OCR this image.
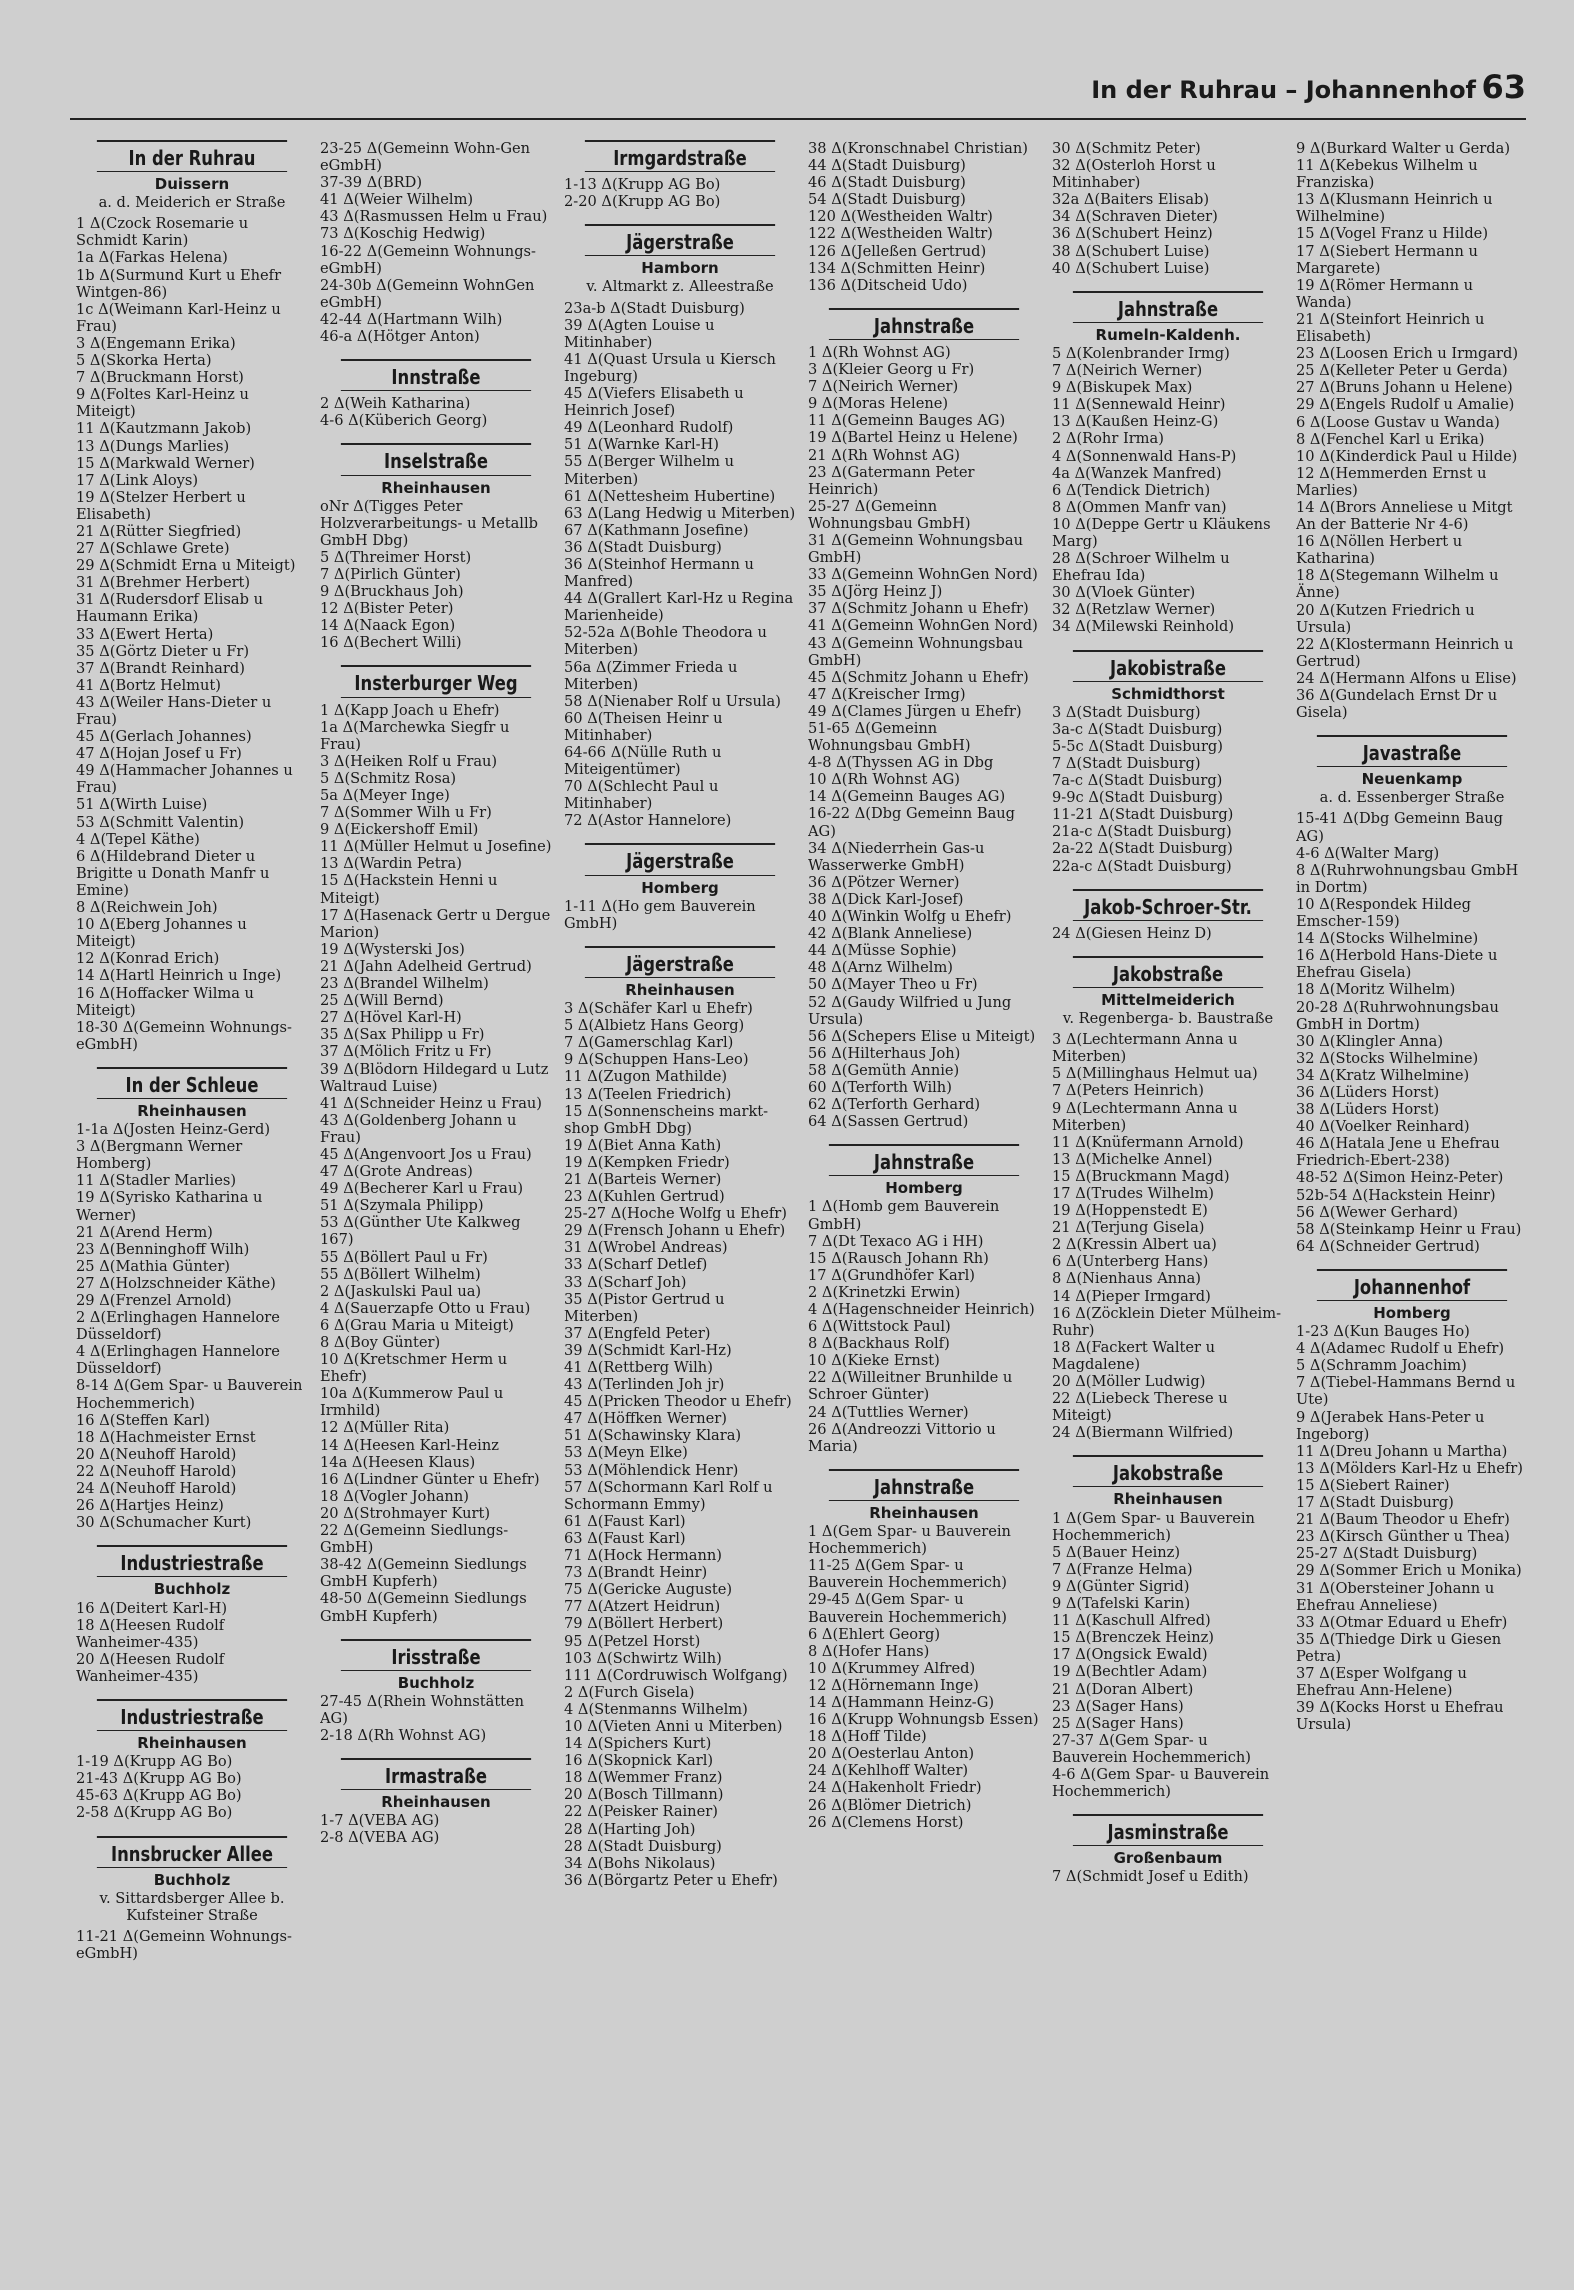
In der Ruhrau – Johannenhof 63
In der Ruhrau
Duissern
a. d. Meiderich er Straße
1 Δ(Czock Rosemarie u Schmidt Karin)
1a Δ(Farkas Helena)
1b Δ(Surmund Kurt u Ehefr Wintgen-86)
1c Δ(Weimann Karl-Heinz u Frau)
3 Δ(Engemann Erika)
5 Δ(Skorka Herta)
7 Δ(Bruckmann Horst)
9 Δ(Foltes Karl-Heinz u Miteigt)
11 Δ(Kautzmann Jakob)
13 Δ(Dungs Marlies)
15 Δ(Markwald Werner)
17 Δ(Link Aloys)
19 Δ(Stelzer Herbert u Elisabeth)
21 Δ(Rütter Siegfried)
27 Δ(Schlawe Grete)
29 Δ(Schmidt Erna u Miteigt)
31 Δ(Brehmer Herbert)
31 Δ(Rudersdorf Elisab u Haumann Erika)
33 Δ(Ewert Herta)
35 Δ(Görtz Dieter u Fr)
37 Δ(Brandt Reinhard)
41 Δ(Bortz Helmut)
43 Δ(Weiler Hans-Dieter u Frau)
45 Δ(Gerlach Johannes)
47 Δ(Hojan Josef u Fr)
49 Δ(Hammacher Johannes u Frau)
51 Δ(Wirth Luise)
53 Δ(Schmitt Valentin)
4 Δ(Tepel Käthe)
6 Δ(Hildebrand Dieter u Brigitte u Donath Manfr u Emine)
8 Δ(Reichwein Joh)
10 Δ(Eberg Johannes u Miteigt)
12 Δ(Konrad Erich)
14 Δ(Hartl Heinrich u Inge)
16 Δ(Hoffacker Wilma u Miteigt)
18-30 Δ(Gemeinn Wohnungs-eGmbH)
In der Schleue
Rheinhausen
1-1a Δ(Josten Heinz-Gerd)
3 Δ(Bergmann Werner Homberg)
11 Δ(Stadler Marlies)
19 Δ(Syrisko Katharina u Werner)
21 Δ(Arend Herm)
23 Δ(Benninghoff Wilh)
25 Δ(Mathia Günter)
27 Δ(Holzschneider Käthe)
29 Δ(Frenzel Arnold)
2 Δ(Erlinghagen Hannelore Düsseldorf)
4 Δ(Erlinghagen Hannelore Düsseldorf)
8-14 Δ(Gem Spar- u Bauverein Hochemmerich)
16 Δ(Steffen Karl)
18 Δ(Hachmeister Ernst
20 Δ(Neuhoff Harold)
22 Δ(Neuhoff Harold)
24 Δ(Neuhoff Harold)
26 Δ(Hartjes Heinz)
30 Δ(Schumacher Kurt)
Industriestraße
Buchholz
16 Δ(Deitert Karl-H)
18 Δ(Heesen Rudolf Wanheimer-435)
20 Δ(Heesen Rudolf Wanheimer-435)
Industriestraße
Rheinhausen
1-19 Δ(Krupp AG Bo)
21-43 Δ(Krupp AG Bo)
45-63 Δ(Krupp AG Bo)
2-58 Δ(Krupp AG Bo)
Innsbrucker Allee
Buchholz
v. Sittardsberger Allee b. Kufsteiner Straße
11-21 Δ(Gemeinn Wohnungs-eGmbH)
23-25 Δ(Gemeinn Wohn-Gen eGmbH)
37-39 Δ(BRD)
41 Δ(Weier Wilhelm)
43 Δ(Rasmussen Helm u Frau)
73 Δ(Koschig Hedwig)
16-22 Δ(Gemeinn Wohnungs-eGmbH)
24-30b Δ(Gemeinn WohnGen eGmbH)
42-44 Δ(Hartmann Wilh)
46-a Δ(Hötger Anton)
Innstraße
2 Δ(Weih Katharina)
4-6 Δ(Küberich Georg)
Inselstraße
Rheinhausen
oNr Δ(Tigges Peter Holzverarbeitungs- u Metallb GmbH Dbg)
5 Δ(Threimer Horst)
7 Δ(Pirlich Günter)
9 Δ(Bruckhaus Joh)
12 Δ(Bister Peter)
14 Δ(Naack Egon)
16 Δ(Bechert Willi)
Insterburger Weg
1 Δ(Kapp Joach u Ehefr)
1a Δ(Marchewka Siegfr u Frau)
3 Δ(Heiken Rolf u Frau)
5 Δ(Schmitz Rosa)
5a Δ(Meyer Inge)
7 Δ(Sommer Wilh u Fr)
9 Δ(Eickershoff Emil)
11 Δ(Müller Helmut u Josefine)
13 Δ(Wardin Petra)
15 Δ(Hackstein Henni u Miteigt)
17 Δ(Hasenack Gertr u Dergue Marion)
19 Δ(Wysterski Jos)
21 Δ(Jahn Adelheid Gertrud)
23 Δ(Brandel Wilhelm)
25 Δ(Will Bernd)
27 Δ(Hövel Karl-H)
35 Δ(Sax Philipp u Fr)
37 Δ(Mölich Fritz u Fr)
39 Δ(Blödorn Hildegard u Lutz Waltraud Luise)
41 Δ(Schneider Heinz u Frau)
43 Δ(Goldenberg Johann u Frau)
45 Δ(Angenvoort Jos u Frau)
47 Δ(Grote Andreas)
49 Δ(Becherer Karl u Frau)
51 Δ(Szymala Philipp)
53 Δ(Günther Ute Kalkweg 167)
55 Δ(Böllert Paul u Fr)
55 Δ(Böllert Wilhelm)
2 Δ(Jaskulski Paul ua)
4 Δ(Sauerzapfe Otto u Frau)
6 Δ(Grau Maria u Miteigt)
8 Δ(Boy Günter)
10 Δ(Kretschmer Herm u Ehefr)
10a Δ(Kummerow Paul u Irmhild)
12 Δ(Müller Rita)
14 Δ(Heesen Karl-Heinz
14a Δ(Heesen Klaus)
16 Δ(Lindner Günter u Ehefr)
18 Δ(Vogler Johann)
20 Δ(Strohmayer Kurt)
22 Δ(Gemeinn Siedlungs-GmbH)
38-42 Δ(Gemeinn Siedlungs GmbH Kupferh)
48-50 Δ(Gemeinn Siedlungs GmbH Kupferh)
Irisstraße
Buchholz
27-45 Δ(Rhein Wohnstätten AG)
2-18 Δ(Rh Wohnst AG)
Irmastraße
Rheinhausen
1-7 Δ(VEBA AG)
2-8 Δ(VEBA AG)
Irmgardstraße
1-13 Δ(Krupp AG Bo)
2-20 Δ(Krupp AG Bo)
Jägerstraße
Hamborn
v. Altmarkt z. Alleestraße
23a-b Δ(Stadt Duisburg)
39 Δ(Agten Louise u Mitinhaber)
41 Δ(Quast Ursula u Kiersch Ingeburg)
45 Δ(Viefers Elisabeth u Heinrich Josef)
49 Δ(Leonhard Rudolf)
51 Δ(Warnke Karl-H)
55 Δ(Berger Wilhelm u Miterben)
61 Δ(Nettesheim Hubertine)
63 Δ(Lang Hedwig u Miterben)
67 Δ(Kathmann Josefine)
36 Δ(Stadt Duisburg)
36 Δ(Steinhof Hermann u Manfred)
44 Δ(Grallert Karl-Hz u Regina Marienheide)
52-52a Δ(Bohle Theodora u Miterben)
56a Δ(Zimmer Frieda u Miterben)
58 Δ(Nienaber Rolf u Ursula)
60 Δ(Theisen Heinr u Mitinhaber)
64-66 Δ(Nülle Ruth u Miteigentümer)
70 Δ(Schlecht Paul u Mitinhaber)
72 Δ(Astor Hannelore)
Jägerstraße
Homberg
1-11 Δ(Ho gem Bauverein GmbH)
Jägerstraße
Rheinhausen
3 Δ(Schäfer Karl u Ehefr)
5 Δ(Albietz Hans Georg)
7 Δ(Gamerschlag Karl)
9 Δ(Schuppen Hans-Leo)
11 Δ(Zugon Mathilde)
13 Δ(Teelen Friedrich)
15 Δ(Sonnenscheins markt-shop GmbH Dbg)
19 Δ(Biet Anna Kath)
19 Δ(Kempken Friedr)
21 Δ(Barteis Werner)
23 Δ(Kuhlen Gertrud)
25-27 Δ(Hoche Wolfg u Ehefr)
29 Δ(Frensch Johann u Ehefr)
31 Δ(Wrobel Andreas)
33 Δ(Scharf Detlef)
33 Δ(Scharf Joh)
35 Δ(Pistor Gertrud u Miterben)
37 Δ(Engfeld Peter)
39 Δ(Schmidt Karl-Hz)
41 Δ(Rettberg Wilh)
43 Δ(Terlinden Joh jr)
45 Δ(Pricken Theodor u Ehefr)
47 Δ(Höffken Werner)
51 Δ(Schawinsky Klara)
53 Δ(Meyn Elke)
53 Δ(Möhlendick Henr)
57 Δ(Schormann Karl Rolf u Schormann Emmy)
61 Δ(Faust Karl)
63 Δ(Faust Karl)
71 Δ(Hock Hermann)
73 Δ(Brandt Heinr)
75 Δ(Gericke Auguste)
77 Δ(Atzert Heidrun)
79 Δ(Böllert Herbert)
95 Δ(Petzel Horst)
103 Δ(Schwirtz Wilh)
111 Δ(Cordruwisch Wolfgang)
2 Δ(Furch Gisela)
4 Δ(Stenmanns Wilhelm)
10 Δ(Vieten Anni u Miterben)
14 Δ(Spichers Kurt)
16 Δ(Skopnick Karl)
18 Δ(Wemmer Franz)
20 Δ(Bosch Tillmann)
22 Δ(Peisker Rainer)
28 Δ(Harting Joh)
28 Δ(Stadt Duisburg)
34 Δ(Bohs Nikolaus)
36 Δ(Börgartz Peter u Ehefr)
38 Δ(Kronschnabel Christian)
44 Δ(Stadt Duisburg)
46 Δ(Stadt Duisburg)
54 Δ(Stadt Duisburg)
120 Δ(Westheiden Waltr)
122 Δ(Westheiden Waltr)
126 Δ(Jelleßen Gertrud)
134 Δ(Schmitten Heinr)
136 Δ(Ditscheid Udo)
Jahnstraße
1 Δ(Rh Wohnst AG)
3 Δ(Kleier Georg u Fr)
7 Δ(Neirich Werner)
9 Δ(Moras Helene)
11 Δ(Gemeinn Bauges AG)
19 Δ(Bartel Heinz u Helene)
21 Δ(Rh Wohnst AG)
23 Δ(Gatermann Peter Heinrich)
25-27 Δ(Gemeinn Wohnungsbau GmbH)
31 Δ(Gemeinn Wohnungsbau GmbH)
33 Δ(Gemeinn WohnGen Nord)
35 Δ(Jörg Heinz J)
37 Δ(Schmitz Johann u Ehefr)
41 Δ(Gemeinn WohnGen Nord)
43 Δ(Gemeinn Wohnungsbau GmbH)
45 Δ(Schmitz Johann u Ehefr)
47 Δ(Kreischer Irmg)
49 Δ(Clames Jürgen u Ehefr)
51-65 Δ(Gemeinn Wohnungsbau GmbH)
4-8 Δ(Thyssen AG in Dbg
10 Δ(Rh Wohnst AG)
14 Δ(Gemeinn Bauges AG)
16-22 Δ(Dbg Gemeinn Baug AG)
34 Δ(Niederrhein Gas-u Wasserwerke GmbH)
36 Δ(Pötzer Werner)
38 Δ(Dick Karl-Josef)
40 Δ(Winkin Wolfg u Ehefr)
42 Δ(Blank Anneliese)
44 Δ(Müsse Sophie)
48 Δ(Arnz Wilhelm)
50 Δ(Mayer Theo u Fr)
52 Δ(Gaudy Wilfried u Jung Ursula)
56 Δ(Schepers Elise u Miteigt)
56 Δ(Hilterhaus Joh)
58 Δ(Gemüth Annie)
60 Δ(Terforth Wilh)
62 Δ(Terforth Gerhard)
64 Δ(Sassen Gertrud)
Jahnstraße
Homberg
1 Δ(Homb gem Bauverein GmbH)
7 Δ(Dt Texaco AG i HH)
15 Δ(Rausch Johann Rh)
17 Δ(Grundhöfer Karl)
2 Δ(Krinetzki Erwin)
4 Δ(Hagenschneider Heinrich)
6 Δ(Wittstock Paul)
8 Δ(Backhaus Rolf)
10 Δ(Kieke Ernst)
22 Δ(Willeitner Brunhilde u Schroer Günter)
24 Δ(Tuttlies Werner)
26 Δ(Andreozzi Vittorio u Maria)
Jahnstraße
Rheinhausen
1 Δ(Gem Spar- u Bauverein Hochemmerich)
11-25 Δ(Gem Spar- u Bauverein Hochemmerich)
29-45 Δ(Gem Spar- u Bauverein Hochemmerich)
6 Δ(Ehlert Georg)
8 Δ(Hofer Hans)
10 Δ(Krummey Alfred)
12 Δ(Hörnemann Inge)
14 Δ(Hammann Heinz-G)
16 Δ(Krupp Wohnungsb Essen)
18 Δ(Hoff Tilde)
20 Δ(Oesterlau Anton)
24 Δ(Kehlhoff Walter)
24 Δ(Hakenholt Friedr)
26 Δ(Blömer Dietrich)
26 Δ(Clemens Horst)
30 Δ(Schmitz Peter)
32 Δ(Osterloh Horst u Mitinhaber)
32a Δ(Baiters Elisab)
34 Δ(Schraven Dieter)
36 Δ(Schubert Heinz)
38 Δ(Schubert Luise)
40 Δ(Schubert Luise)
Jahnstraße
Rumeln-Kaldenh.
5 Δ(Kolenbrander Irmg)
7 Δ(Neirich Werner)
9 Δ(Biskupek Max)
11 Δ(Sennewald Heinr)
13 Δ(Kaußen Heinz-G)
2 Δ(Rohr Irma)
4 Δ(Sonnenwald Hans-P)
4a Δ(Wanzek Manfred)
6 Δ(Tendick Dietrich)
8 Δ(Ommen Manfr van)
10 Δ(Deppe Gertr u Kläukens Marg)
28 Δ(Schroer Wilhelm u Ehefrau Ida)
30 Δ(Vloek Günter)
32 Δ(Retzlaw Werner)
34 Δ(Milewski Reinhold)
Jakobistraße
Schmidthorst
3 Δ(Stadt Duisburg)
3a-c Δ(Stadt Duisburg)
5-5c Δ(Stadt Duisburg)
7 Δ(Stadt Duisburg)
7a-c Δ(Stadt Duisburg)
9-9c Δ(Stadt Duisburg)
11-21 Δ(Stadt Duisburg)
21a-c Δ(Stadt Duisburg)
2a-22 Δ(Stadt Duisburg)
22a-c Δ(Stadt Duisburg)
Jakob-Schroer-Str.
24 Δ(Giesen Heinz D)
Jakobstraße
Mittelmeiderich
v. Regenberga- b. Baustraße
3 Δ(Lechtermann Anna u Miterben)
5 Δ(Millinghaus Helmut ua)
7 Δ(Peters Heinrich)
9 Δ(Lechtermann Anna u Miterben)
11 Δ(Knüfermann Arnold)
13 Δ(Michelke Annel)
15 Δ(Bruckmann Magd)
17 Δ(Trudes Wilhelm)
19 Δ(Hoppenstedt E)
21 Δ(Terjung Gisela)
2 Δ(Kressin Albert ua)
6 Δ(Unterberg Hans)
8 Δ(Nienhaus Anna)
14 Δ(Pieper Irmgard)
16 Δ(Zöcklein Dieter Mülheim-Ruhr)
18 Δ(Fackert Walter u Magdalene)
20 Δ(Möller Ludwig)
22 Δ(Liebeck Therese u Miteigt)
24 Δ(Biermann Wilfried)
Jakobstraße
Rheinhausen
1 Δ(Gem Spar- u Bauverein Hochemmerich)
5 Δ(Bauer Heinz)
7 Δ(Franze Helma)
9 Δ(Günter Sigrid)
9 Δ(Tafelski Karin)
11 Δ(Kaschull Alfred)
15 Δ(Brenczek Heinz)
17 Δ(Ongsick Ewald)
19 Δ(Bechtler Adam)
21 Δ(Doran Albert)
23 Δ(Sager Hans)
25 Δ(Sager Hans)
27-37 Δ(Gem Spar- u Bauverein Hochemmerich)
4-6 Δ(Gem Spar- u Bauverein Hochemmerich)
Jasminstraße
Großenbaum
7 Δ(Schmidt Josef u Edith)
9 Δ(Burkard Walter u Gerda)
11 Δ(Kebekus Wilhelm u Franziska)
13 Δ(Klusmann Heinrich u Wilhelmine)
15 Δ(Vogel Franz u Hilde)
17 Δ(Siebert Hermann u Margarete)
19 Δ(Römer Hermann u Wanda)
21 Δ(Steinfort Heinrich u Elisabeth)
23 Δ(Loosen Erich u Irmgard)
25 Δ(Kelleter Peter u Gerda)
27 Δ(Bruns Johann u Helene)
29 Δ(Engels Rudolf u Amalie)
6 Δ(Loose Gustav u Wanda)
8 Δ(Fenchel Karl u Erika)
10 Δ(Kinderdick Paul u Hilde)
12 Δ(Hemmerden Ernst u Marlies)
14 Δ(Brors Anneliese u Mitgt An der Batterie Nr 4-6)
16 Δ(Nöllen Herbert u Katharina)
18 Δ(Stegemann Wilhelm u Änne)
20 Δ(Kutzen Friedrich u Ursula)
22 Δ(Klostermann Heinrich u Gertrud)
24 Δ(Hermann Alfons u Elise)
36 Δ(Gundelach Ernst Dr u Gisela)
Javastraße
Neuenkamp
a. d. Essenberger Straße
15-41 Δ(Dbg Gemeinn Baug AG)
4-6 Δ(Walter Marg)
8 Δ(Ruhrwohnungsbau GmbH in Dortm)
10 Δ(Respondek Hildeg Emscher-159)
14 Δ(Stocks Wilhelmine)
16 Δ(Herbold Hans-Diete u Ehefrau Gisela)
18 Δ(Moritz Wilhelm)
20-28 Δ(Ruhrwohnungsbau GmbH in Dortm)
30 Δ(Klingler Anna)
32 Δ(Stocks Wilhelmine)
34 Δ(Kratz Wilhelmine)
36 Δ(Lüders Horst)
38 Δ(Lüders Horst)
40 Δ(Voelker Reinhard)
46 Δ(Hatala Jene u Ehefrau Friedrich-Ebert-238)
48-52 Δ(Simon Heinz-Peter)
52b-54 Δ(Hackstein Heinr)
56 Δ(Wewer Gerhard)
58 Δ(Steinkamp Heinr u Frau)
64 Δ(Schneider Gertrud)
Johannenhof
Homberg
1-23 Δ(Kun Bauges Ho)
4 Δ(Adamec Rudolf u Ehefr)
5 Δ(Schramm Joachim)
7 Δ(Tiebel-Hammans Bernd u Ute)
9 Δ(Jerabek Hans-Peter u Ingeborg)
11 Δ(Dreu Johann u Martha)
13 Δ(Mölders Karl-Hz u Ehefr)
15 Δ(Siebert Rainer)
17 Δ(Stadt Duisburg)
21 Δ(Baum Theodor u Ehefr)
23 Δ(Kirsch Günther u Thea)
25-27 Δ(Stadt Duisburg)
29 Δ(Sommer Erich u Monika)
31 Δ(Obersteiner Johann u Ehefrau Anneliese)
33 Δ(Otmar Eduard u Ehefr)
35 Δ(Thiedge Dirk u Giesen Petra)
37 Δ(Esper Wolfgang u Ehefrau Ann-Helene)
39 Δ(Kocks Horst u Ehefrau Ursula)
